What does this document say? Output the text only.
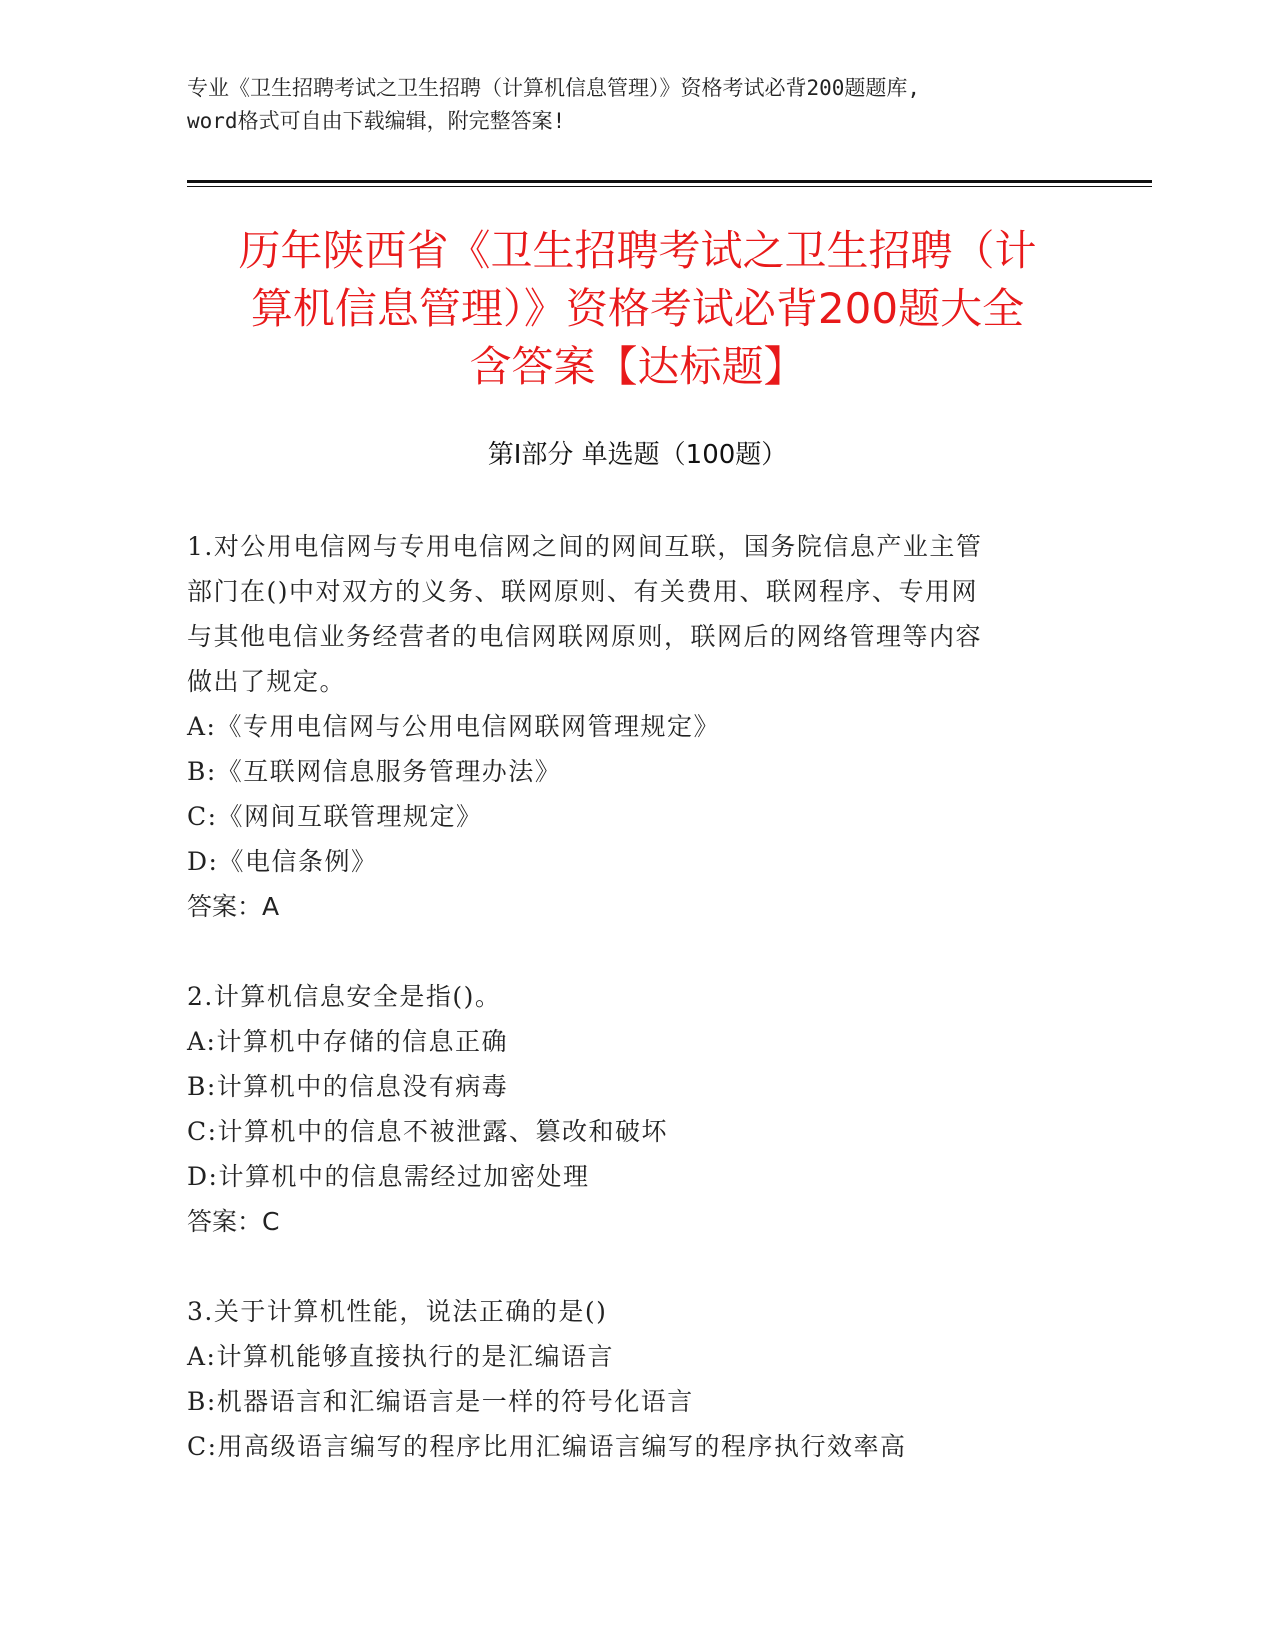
专业《卫生招聘考试之卫生招聘（计算机信息管理）》资格考试必背200题题库,
word格式可自由下载编辑，附完整答案!
历年陕西省《卫生招聘考试之卫生招聘（计
算机信息管理）》资格考试必背200题大全
含答案【达标题】
第I部分 单选题（100题）
1.对公用电信网与专用电信网之间的网间互联，国务院信息产业主管
部门在()中对双方的义务、联网原则、有关费用、联网程序、专用网
与其他电信业务经营者的电信网联网原则，联网后的网络管理等内容
做出了规定。
A:《专用电信网与公用电信网联网管理规定》
B:《互联网信息服务管理办法》
C:《网间互联管理规定》
D:《电信条例》
答案：A
2.计算机信息安全是指()。
A:计算机中存储的信息正确
B:计算机中的信息没有病毒
C:计算机中的信息不被泄露、篡改和破坏
D:计算机中的信息需经过加密处理
答案：C
3.关于计算机性能，说法正确的是()
A:计算机能够直接执行的是汇编语言
B:机器语言和汇编语言是一样的符号化语言
C:用高级语言编写的程序比用汇编语言编写的程序执行效率高
